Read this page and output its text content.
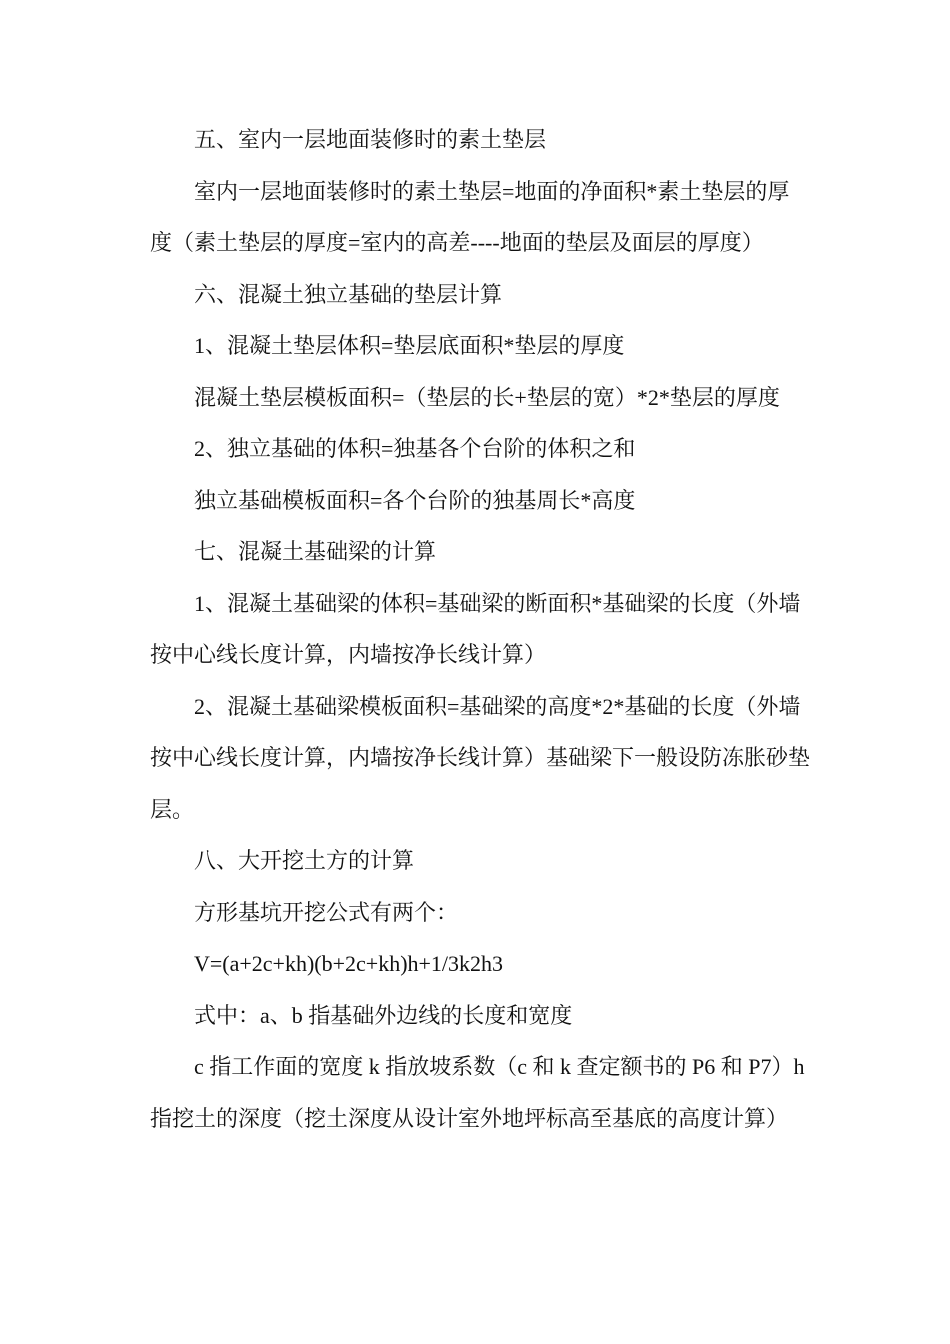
五、室内一层地面装修时的素土垫层

室内一层地面装修时的素土垫层=地面的净面积*素土垫层的厚度（素土垫层的厚度=室内的高差----地面的垫层及面层的厚度）

六、混凝土独立基础的垫层计算

1、混凝土垫层体积=垫层底面积*垫层的厚度

混凝土垫层模板面积=（垫层的长+垫层的宽）*2*垫层的厚度

2、独立基础的体积=独基各个台阶的体积之和

独立基础模板面积=各个台阶的独基周长*高度

七、混凝土基础梁的计算

1、混凝土基础梁的体积=基础梁的断面积*基础梁的长度（外墙按中心线长度计算，内墙按净长线计算）

2、混凝土基础梁模板面积=基础梁的高度*2*基础的长度（外墙按中心线长度计算，内墙按净长线计算）基础梁下一般设防冻胀砂垫层。

八、大开挖土方的计算

方形基坑开挖公式有两个：

V=(a+2c+kh)(b+2c+kh)h+1/3k2h3

式中：a、b 指基础外边线的长度和宽度

c 指工作面的宽度 k 指放坡系数（c 和 k 查定额书的 P6 和 P7）h 指挖土的深度（挖土深度从设计室外地坪标高至基底的高度计算）
